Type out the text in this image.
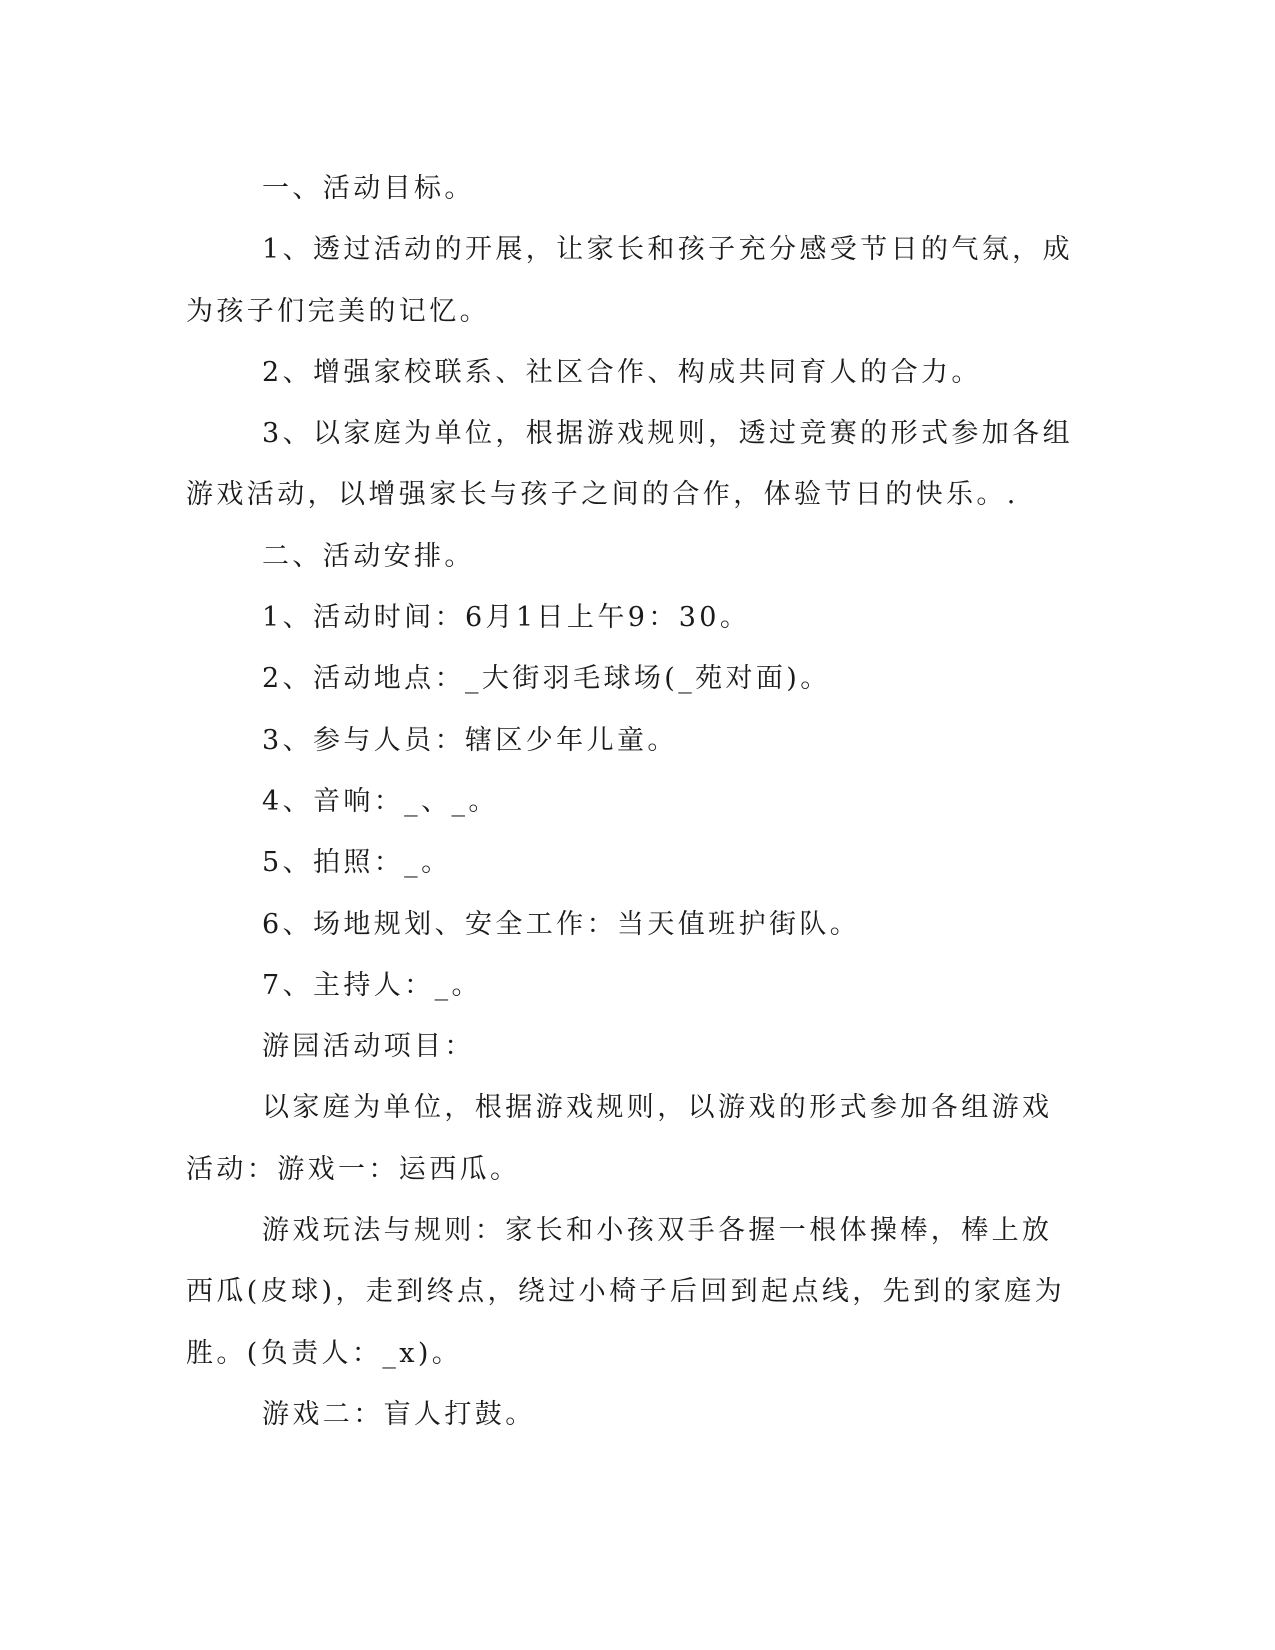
一、活动目标。

1、透过活动的开展，让家长和孩子充分感受节日的气氛，成为孩子们完美的记忆。

2、增强家校联系、社区合作、构成共同育人的合力。

3、以家庭为单位，根据游戏规则，透过竞赛的形式参加各组游戏活动，以增强家长与孩子之间的合作，体验节日的快乐。.

二、活动安排。

1、活动时间：6月1日上午9：30。

2、活动地点：_大街羽毛球场(_苑对面)。

3、参与人员：辖区少年儿童。

4、音响：_、_。

5、拍照：_。

6、场地规划、安全工作：当天值班护街队。

7、主持人：_。

游园活动项目：

以家庭为单位，根据游戏规则，以游戏的形式参加各组游戏活动：游戏一：运西瓜。

游戏玩法与规则：家长和小孩双手各握一根体操棒，棒上放西瓜(皮球)，走到终点，绕过小椅子后回到起点线，先到的家庭为胜。(负责人：_x)。

游戏二：盲人打鼓。
